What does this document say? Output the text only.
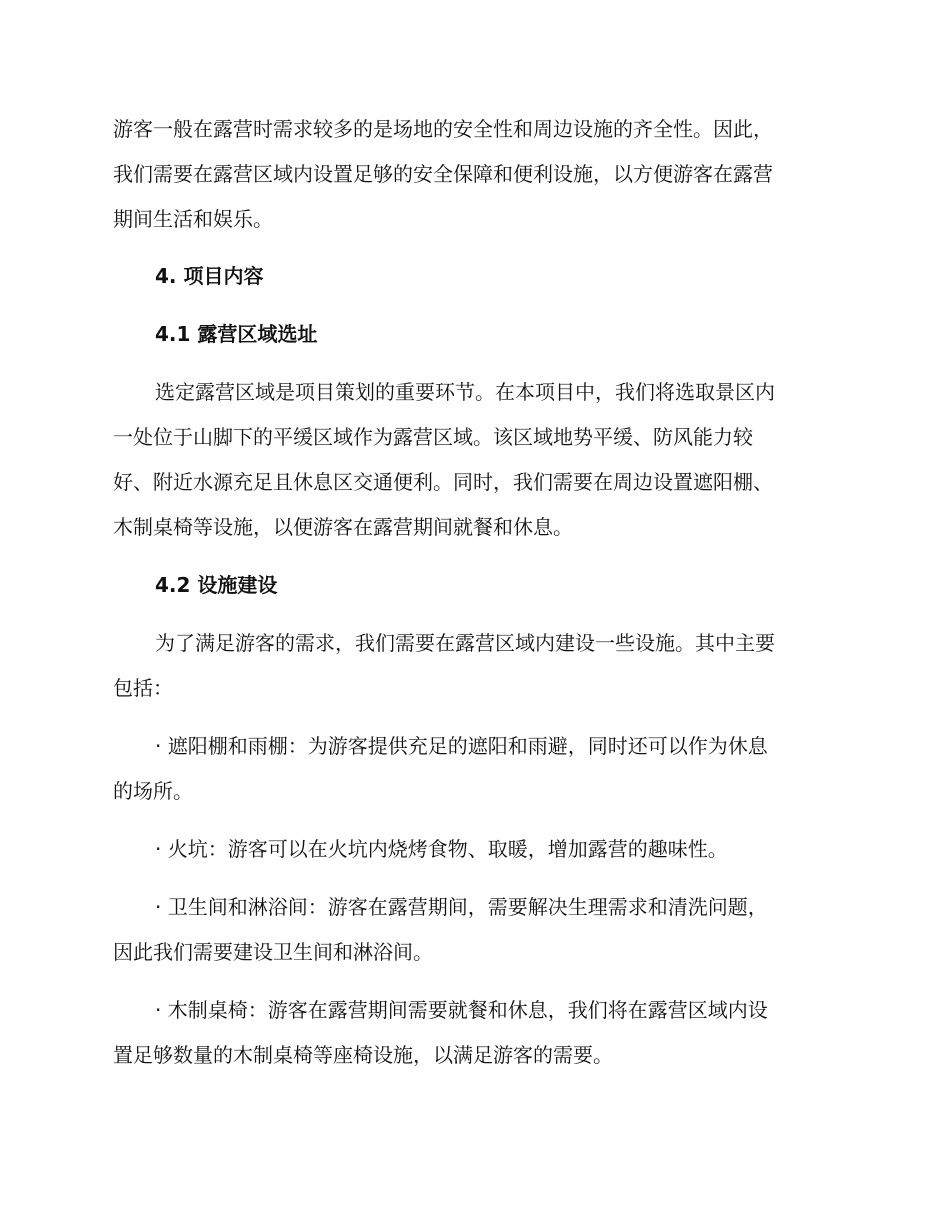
游客一般在露营时需求较多的是场地的安全性和周边设施的齐全性。因此，
我们需要在露营区域内设置足够的安全保障和便利设施，以方便游客在露营
期间生活和娱乐。
4. 项目内容
4.1 露营区域选址
选定露营区域是项目策划的重要环节。在本项目中，我们将选取景区内
一处位于山脚下的平缓区域作为露营区域。该区域地势平缓、防风能力较
好、附近水源充足且休息区交通便利。同时，我们需要在周边设置遮阳棚、
木制桌椅等设施，以便游客在露营期间就餐和休息。
4.2 设施建设
为了满足游客的需求，我们需要在露营区域内建设一些设施。其中主要
包括：
· 遮阳棚和雨棚：为游客提供充足的遮阳和雨避，同时还可以作为休息
的场所。
· 火坑：游客可以在火坑内烧烤食物、取暖，增加露营的趣味性。
· 卫生间和淋浴间：游客在露营期间，需要解决生理需求和清洗问题，
因此我们需要建设卫生间和淋浴间。
· 木制桌椅：游客在露营期间需要就餐和休息，我们将在露营区域内设
置足够数量的木制桌椅等座椅设施，以满足游客的需要。
